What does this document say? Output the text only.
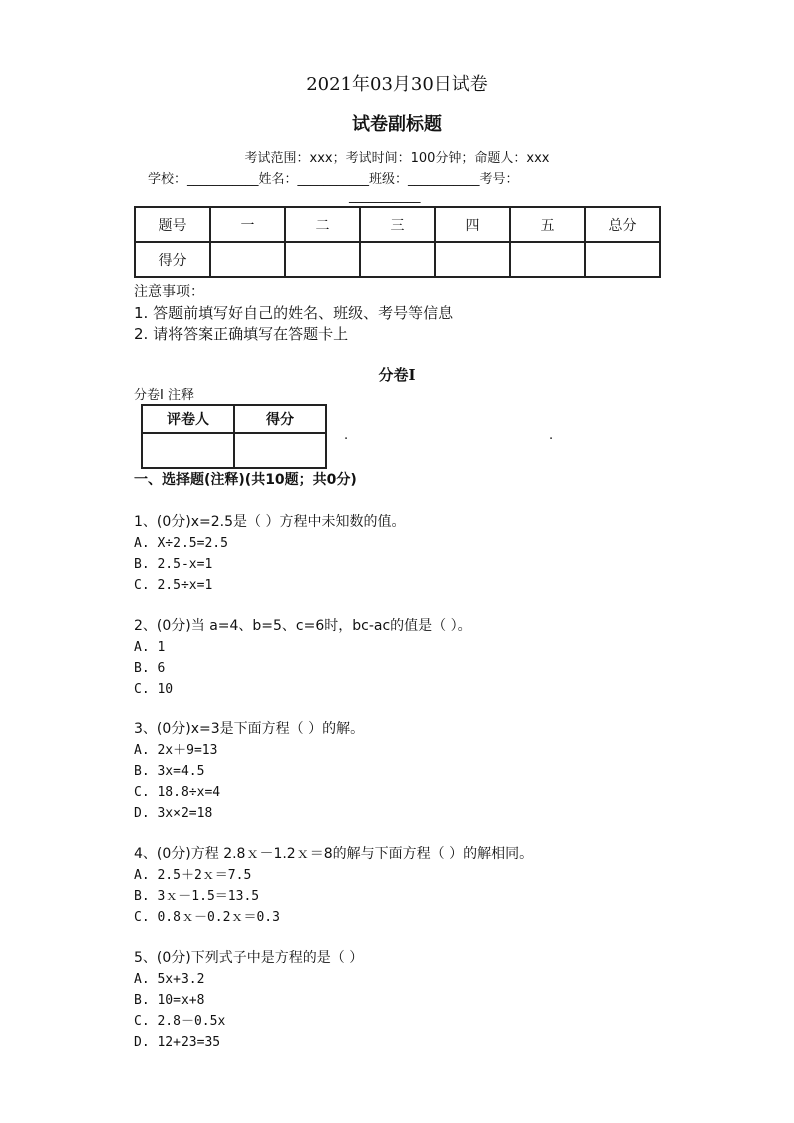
2021年03月30日试卷
试卷副标题
考试范围：xxx；考试时间：100分钟；命题人：xxx
学校：___________姓名：___________班级：___________考号：
___________
题号	一	二	三	四	五	总分
得分						
注意事项：
1. 答题前填写好自己的姓名、班级、考号等信息
2. 请将答案正确填写在答题卡上
分卷I
分卷I 注释
评卷人	得分

.	.
一、选择题(注释)(共10题；共0分)
1、(0分)x=2.5是（ ）方程中未知数的值。
A. X÷2.5=2.5
B. 2.5-x=1
C. 2.5÷x=1
2、(0分)当 a=4、b=5、c=6时，bc-ac的值是（ ）。
A. 1
B. 6
C. 10
3、(0分)x=3是下面方程（ ）的解。
A. 2x＋9=13
B. 3x=4.5
C. 18.8÷x=4
D. 3x×2=18
4、(0分)方程 2.8ｘ－1.2ｘ＝8的解与下面方程（ ）的解相同。
A. 2.5＋2ｘ＝7.5
B. 3ｘ－1.5＝13.5
C. 0.8ｘ－0.2ｘ＝0.3
5、(0分)下列式子中是方程的是（ ）
A. 5x+3.2
B. 10=x+8
C. 2.8－0.5x
D. 12+23=35
